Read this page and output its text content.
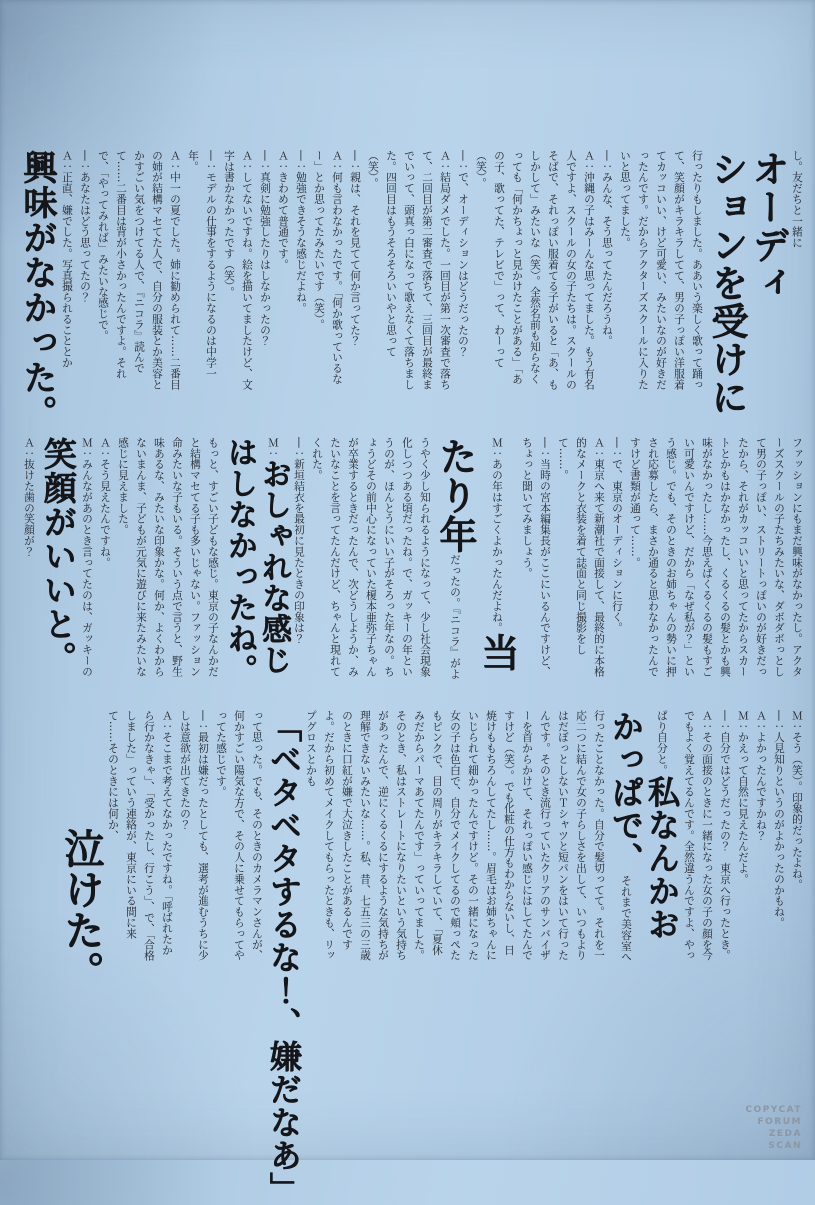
し。友だちと一緒にオーディションを受けに行ったりもしました。ああいう楽しく歌って踊って、笑顔がキラキラしてて、男の子っぽい洋服着てカッコいい、けど可愛い、みたいなのが好きだったんです。だからアクターズスクールに入りたいと思ってました。

―：みんな、そう思ってたんだろうね。

Ａ：沖縄の子はみーんな思ってました。もう有名人ですよ、スクールの女の子たちは。スクールのそばで、それっぽい服着てる子がいると「あ、もしかして」みたいな（笑）。全然名前も知らなくっても「何かちょっと見かけたことがある」「あの子、歌ってた、テレビで」って、わーって（笑）。

―：で、オーディションはどうだったの？

Ａ：結局ダメでした。一回目が第一次審査で落ちて、二回目が第二審査で落ちて、三回目が最終までいって、頭真っ白になって歌えなくて落ちました。四回目はもうそろそろいいやと思って（笑）。

―：親は、それを見てて何か言ってた？

Ａ：何も言わなかったです。「何か歌っているなー」とか思ってたみたいです（笑）。

―：勉強できそうな感じだよね。

Ａ：きわめて普通です。

―：真剣に勉強したりはしなかったの？

Ａ：してないですね。絵を描いてましたけど、文字は書かなかったです（笑）。

―：モデルの仕事をするようになるのは中学一年。

Ａ：中一の夏でした。姉に勧められて……二番目の姉が結構マセてた人で、自分の服装とか美容とかすごい気をつけてる人で、『ニコラ』読んでて……二番目は背が小さかったんですよ。それで、「やってみれば」みたいな感じで。

―：あなたはどう思ってたの？

Ａ：正直、嫌でした。写真撮られることとか興味がなかった。

ファッションにもまだ興味がなかったし。アクターズスクールの子たちみたいな、ダボダボっとして男の子っぽい、ストリートっぽいのが好きだったから、それがカッコいいと思ってたからスカートとかもはかなかったし、くるくるの髪とかも興味がなかったし……今思えばくるくるの髪もすごい可愛いんですけど、だから「なぜ私が？」という感じ。でも、そのときのお姉ちゃんの勢いに押され応募したら、まさか通ると思わなかったんですけど書類が通って……。

―：で、東京のオーディションに行く。

Ａ：東京へ来て新潮社で面接して、最終的に本格的なメークと衣装を着て誌面と同じ撮影をして……。

―：当時の宮本編集長がここにいるんですけど、ちょっと聞いてみましょう。

Ｍ：あの年はすごくよかったんだよね。当たり年だったの。『ニコラ』がようやく少し知られるようになって、少し社会現象化しつつある頃だったね。で、ガッキーの年というのが、ほんとうにいい子がそろった年なの。ちょうどその前中心になっていた榎本亜弥子ちゃんが卒業するときだったんで、次どうしようか、みたいなことを言ってたんだけど、ちゃんと現れてくれた。

―：新垣結衣を最初に見たときの印象は？

Ｍ：おしゃれな感じはしなかったね。もっと、すごい子どもな感じ。東京の子なんかだと結構マセてる子も多いじゃない。ファッション命みたいな子もいる。そういう点で言うと、野生味あるな、みたいな印象かな。何か、よくわからないまんま、子どもが元気に遊びに来たみたいな感じに見えました。

Ａ：そう見えたんですね。

Ｍ：みんながあのとき言ってたのは、ガッキーの笑顔がいいと。

Ａ：抜けた歯の笑顔が？

Ｍ：そう（笑）。印象的だったよね。

―：人見知りというのがよかったのかもね。

Ａ：よかったんですかね？

Ｍ：かえって自然に見えたんだよ。

―：自分ではどうだったの？　東京へ行ったとき。

Ａ：その面接のときに一緒になった女の子の顔を今でもよく覚えてるんです。全然違うんですよ、やっぱり自分と。私なんかおかっぱで、それまで美容室へ行ったことなかった。自分で髪切ってて。それを一応二つに結んで女の子らしさを出して、いつもよりはだぼっとしないＴシャツと短パンをはいて行ったんです。そのとき流行っていたクリアのサンバイザーを首からかけて、それっぽい感じにはしてたんですけど（笑）。でも化粧の仕方もわからないし、日焼けももちろんしてたし……。眉毛はお姉ちゃんにいじられて細かったんですけど。その一緒になった女の子は色白で、自分でメイクしてるので頬っぺたもピンクで、目の周りがキラキラしていて、「夏休みだからパーマあてたんです」っていってました。そのとき、私はストレートになりたいという気持ちがあったんで、逆にくるくるにするような気持ちが理解できないみたいな……。私、昔、七五三の三歳のときに口紅が嫌で大泣きしたことがあるんですよ。だから初めてメイクしてもらったときも、リップグロスとかも「ベタベタするな！、嫌だなあ」って思った。でも、そのときのカメラマンさんが、何かすごい陽気な方で、その人に乗せてもらってやってた感じです。

―：最初は嫌だったとしても、選考が進むうちに少しは意欲が出てきたの？

Ａ：そこまで考えてなかったですね。「呼ばれたから行かなきゃ」、「受かったし、行こう」、で、「合格しました」っていう連絡が、東京にいる間に来て……そのときには何か、泣けた。

COPYCAT
FORUM
ZEDA
SCAN
